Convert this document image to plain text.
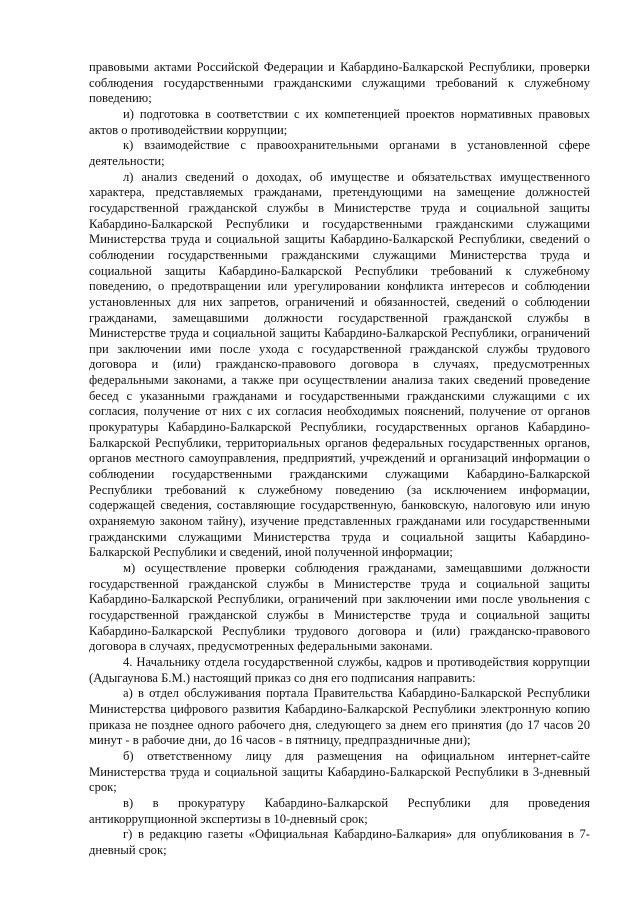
правовыми актами Российской Федерации и Кабардино-Балкарской Республики, проверки соблюдения государственными гражданскими служащими требований к служебному поведению;

и) подготовка в соответствии с их компетенцией проектов нормативных правовых актов о противодействии коррупции;

к) взаимодействие с правоохранительными органами в установленной сфере деятельности;

л) анализ сведений о доходах, об имуществе и обязательствах имущественного характера, представляемых гражданами, претендующими на замещение должностей государственной гражданской службы в Министерстве труда и социальной защиты Кабардино-Балкарской Республики и государственными гражданскими служащими Министерства труда и социальной защиты Кабардино-Балкарской Республики, сведений о соблюдении государственными гражданскими служащими Министерства труда и социальной защиты Кабардино-Балкарской Республики требований к служебному поведению, о предотвращении или урегулировании конфликта интересов и соблюдении установленных для них запретов, ограничений и обязанностей, сведений о соблюдении гражданами, замещавшими должности государственной гражданской службы в Министерстве труда и социальной защиты Кабардино-Балкарской Республики, ограничений при заключении ими после ухода с государственной гражданской службы трудового договора и (или) гражданско-правового договора в случаях, предусмотренных федеральными законами, а также при осуществлении анализа таких сведений проведение бесед с указанными гражданами и государственными гражданскими служащими с их согласия, получение от них с их согласия необходимых пояснений, получение от органов прокуратуры Кабардино-Балкарской Республики, государственных органов Кабардино-Балкарской Республики, территориальных органов федеральных государственных органов, органов местного самоуправления, предприятий, учреждений и организаций информации о соблюдении государственными гражданскими служащими Кабардино-Балкарской Республики требований к служебному поведению (за исключением информации, содержащей сведения, составляющие государственную, банковскую, налоговую или иную охраняемую законом тайну), изучение представленных гражданами или государственными гражданскими служащими Министерства труда и социальной защиты Кабардино-Балкарской Республики и сведений, иной полученной информации;

м) осуществление проверки соблюдения гражданами, замещавшими должности государственной гражданской службы в Министерстве труда и социальной защиты Кабардино-Балкарской Республики, ограничений при заключении ими после увольнения с государственной гражданской службы в Министерстве труда и социальной защиты Кабардино-Балкарской Республики трудового договора и (или) гражданско-правового договора в случаях, предусмотренных федеральными законами.

4. Начальнику отдела государственной службы, кадров и противодействия коррупции (Адыгаунова Б.М.) настоящий приказ со дня его подписания направить:

а) в отдел обслуживания портала Правительства Кабардино-Балкарской Республики Министерства цифрового развития Кабардино-Балкарской Республики электронную копию приказа не позднее одного рабочего дня, следующего за днем его принятия (до 17 часов 20 минут - в рабочие дни, до 16 часов - в пятницу, предпраздничные дни);

б) ответственному лицу для размещения на официальном интернет-сайте Министерства труда и социальной защиты Кабардино-Балкарской Республики в 3-дневный срок;

в) в прокуратуру Кабардино-Балкарской Республики для проведения антикоррупционной экспертизы в 10-дневный срок;

г) в редакцию газеты «Официальная Кабардино-Балкария» для опубликования в 7-дневный срок;
